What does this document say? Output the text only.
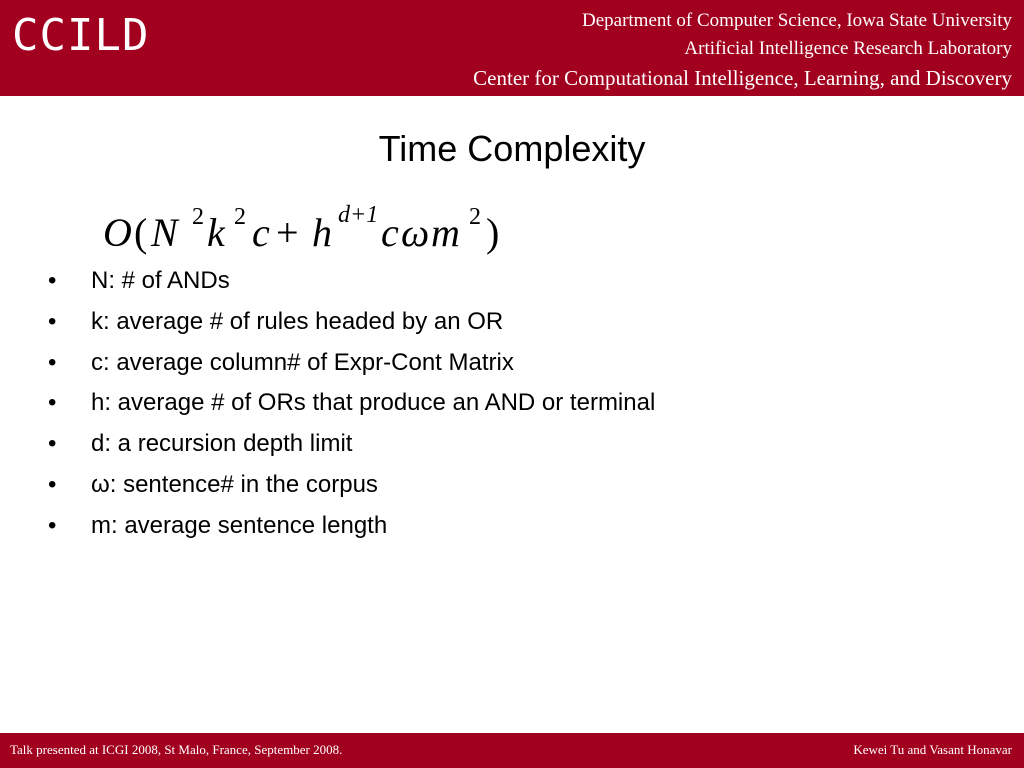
CCILD	Department of Computer Science, Iowa State University
Artificial Intelligence Research Laboratory
Center for Computational Intelligence, Learning, and Discovery
Time Complexity
O ( N 2 k 2 c + h d+1 c ω m 2 )
• N: # of ANDs
• k: average # of rules headed by an OR
• c: average column# of Expr-Cont Matrix
• h: average # of ORs that produce an AND or terminal
• d: a recursion depth limit
• ω: sentence# in the corpus
• m: average sentence length
Talk presented at ICGI 2008, St Malo, France, September 2008.	Kewei Tu and Vasant Honavar
